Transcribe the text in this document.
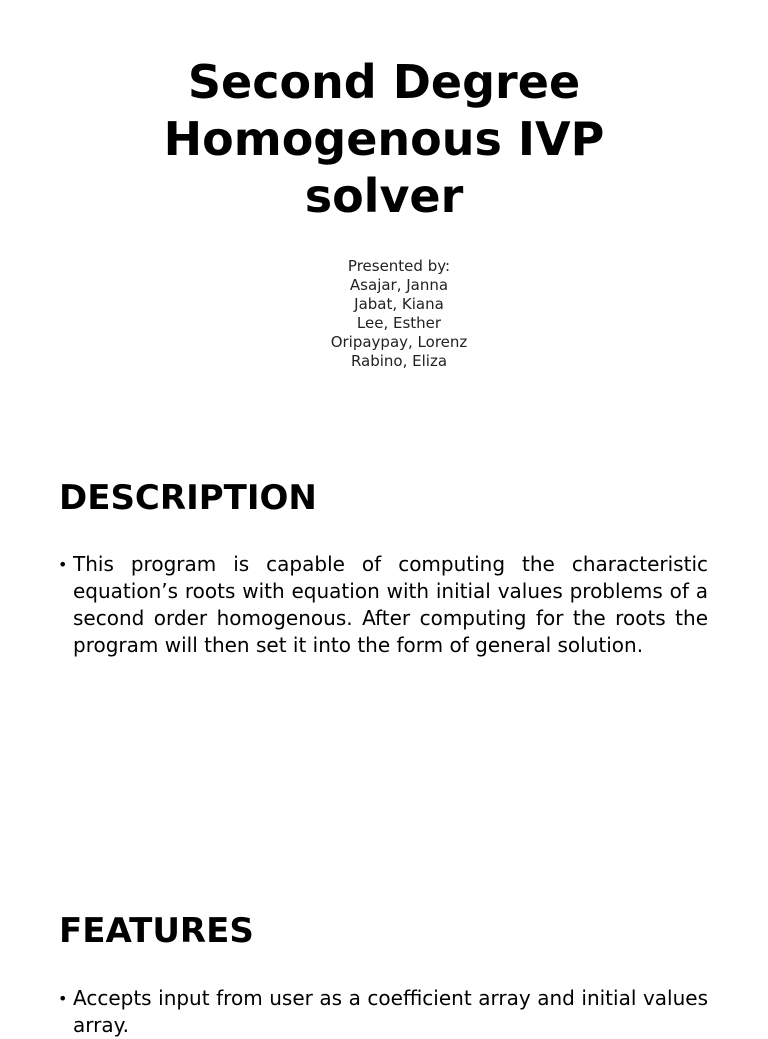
Second Degree
Homogenous IVP
solver
Presented by:
Asajar, Janna
Jabat, Kiana
Lee, Esther
Oripaypay, Lorenz
Rabino, Eliza
DESCRIPTION
• This program is capable of computing the characteristic equation’s roots with equation with initial values problems of a second order homogenous. After computing for the roots the program will then set it into the form of general solution.
FEATURES
• Accepts input from user as a coefficient array and initial values array.
